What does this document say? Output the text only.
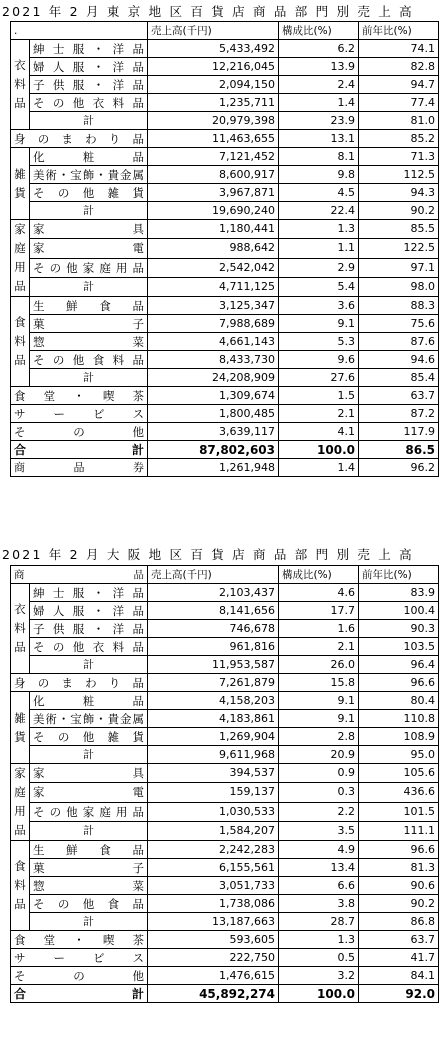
2021 年 2 月 東 京 地 区 百 貨 店 商 品 部 門 別 売 上 高
.		売上高(千円)	構成比(%)	前年比(%)
衣料品	紳士服・洋品	5,433,492	6.2	74.1
	婦人服・洋品	12,216,045	13.9	82.8
	子供服・洋品	2,094,150	2.4	94.7
	その他衣料品	1,235,711	1.4	77.4
	計	20,979,398	23.9	81.0
身のまわり品		11,463,655	13.1	85.2
雑貨	化粧品	7,121,452	8.1	71.3
	美術・宝飾・貴金属	8,600,917	9.8	112.5
	その他雑貨	3,967,871	4.5	94.3
	計	19,690,240	22.4	90.2
家庭用品	家具	1,180,441	1.3	85.5
	家電	988,642	1.1	122.5
	その他家庭用品	2,542,042	2.9	97.1
	計	4,711,125	5.4	98.0
食料品	生鮮食品	3,125,347	3.6	88.3
	菓子	7,988,689	9.1	75.6
	惣菜	4,661,143	5.3	87.6
	その他食料品	8,433,730	9.6	94.6
	計	24,208,909	27.6	85.4
食堂・喫茶		1,309,674	1.5	63.7
サービス		1,800,485	2.1	87.2
その他		3,639,117	4.1	117.9

合 計		87,802,603	100.0	86.5

商 品 券		1,261,948	1.4	96.2
2021 年 2 月 大 阪 地 区 百 貨 店 商 品 部 門 別 売 上 高
商 品		売上高(千円)	構成比(%)	前年比(%)
衣料品	紳士服・洋品	2,103,437	4.6	83.9
	婦人服・洋品	8,141,656	17.7	100.4
	子供服・洋品	746,678	1.6	90.3
	その他衣料品	961,816	2.1	103.5
	計	11,953,587	26.0	96.4
身のまわり品		7,261,879	15.8	96.6
雑貨	化粧品	4,158,203	9.1	80.4
	美術・宝飾・貴金属	4,183,861	9.1	110.8
	その他雑貨	1,269,904	2.8	108.9
	計	9,611,968	20.9	95.0
家庭用品	家具	394,537	0.9	105.6
	家電	159,137	0.3	436.6
	その他家庭用品	1,030,533	2.2	101.5
	計	1,584,207	3.5	111.1
食料品	生鮮食品	2,242,283	4.9	96.6
	菓子	6,155,561	13.4	81.3
	惣菜	3,051,733	6.6	90.6
	その他食品	1,738,086	3.8	90.2
	計	13,187,663	28.7	86.8
食堂・喫茶		593,605	1.3	63.7
サービス		222,750	0.5	41.7
その他		1,476,615	3.2	84.1

合 計		45,892,274	100.0	92.0
